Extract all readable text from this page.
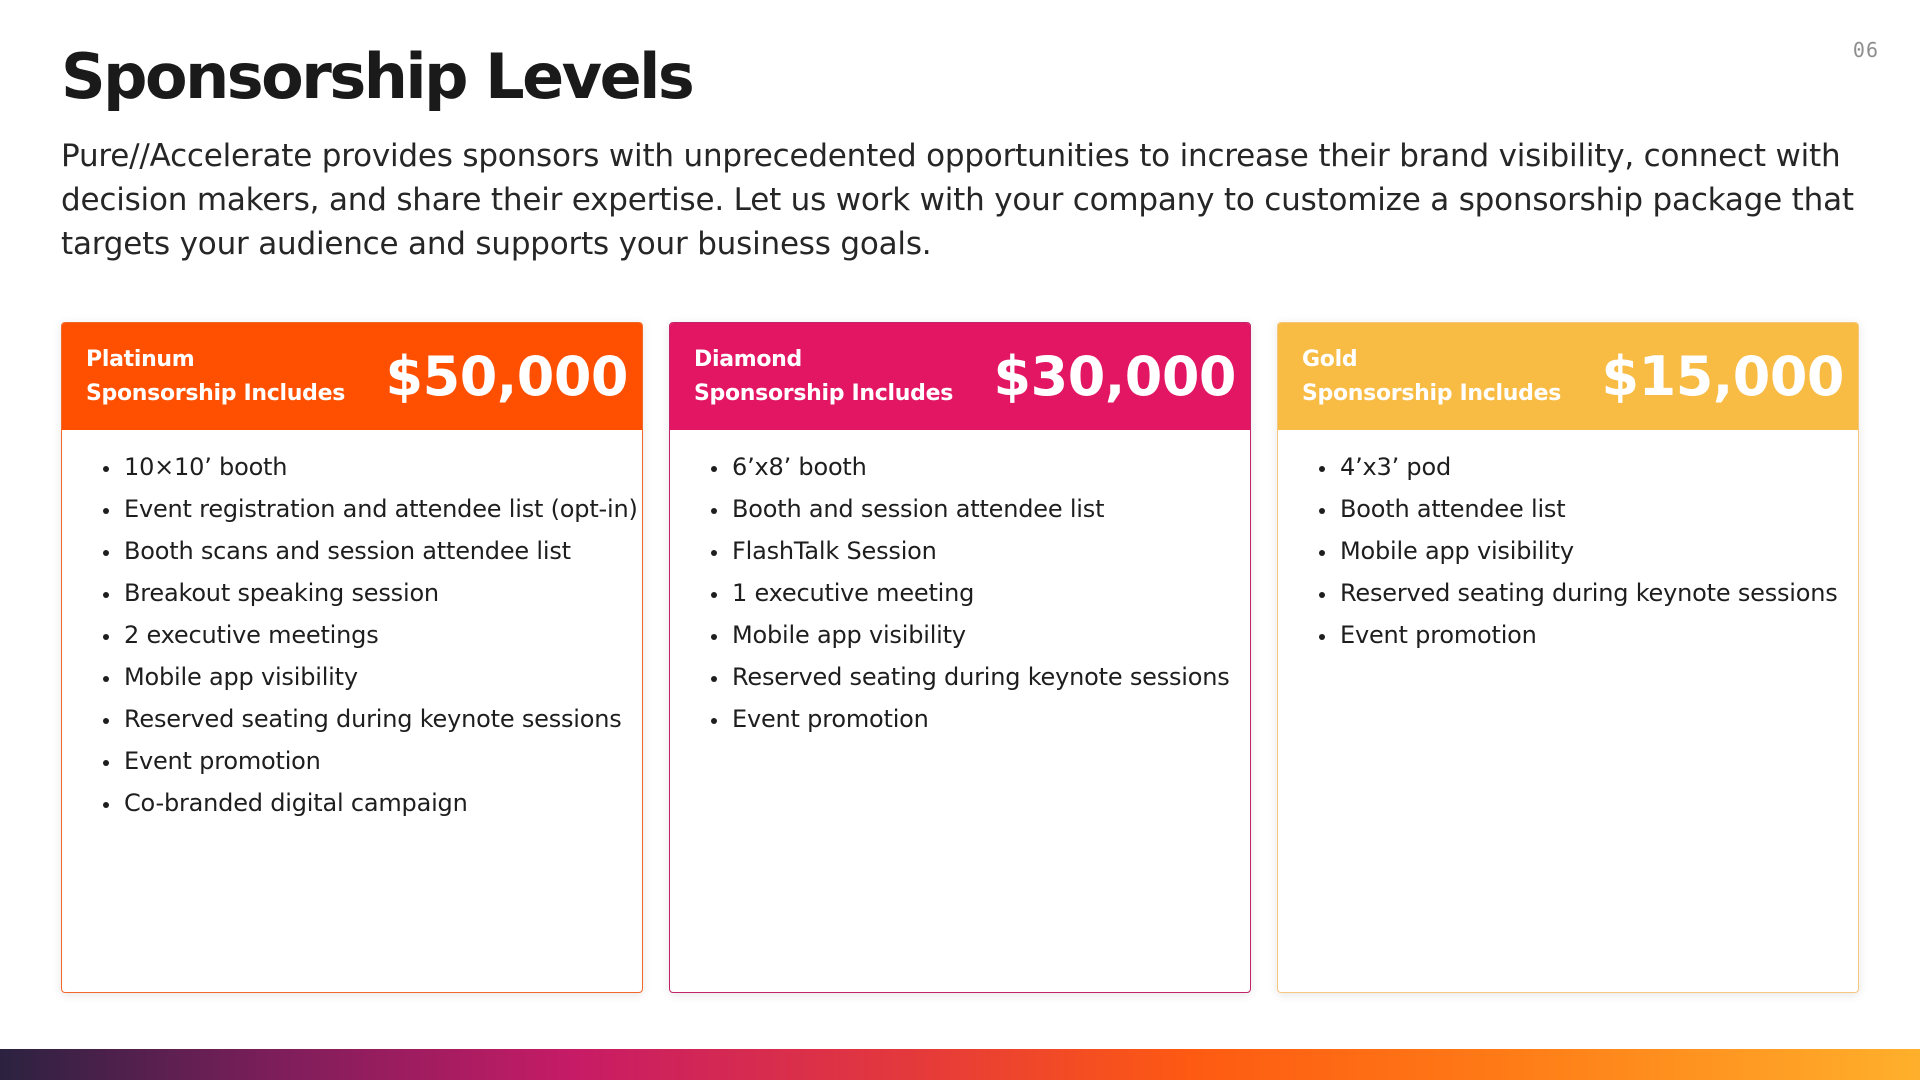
06
Sponsorship Levels

Pure//Accelerate provides sponsors with unprecedented opportunities to increase their brand visibility, connect with decision makers, and share their expertise. Let us work with your company to customize a sponsorship package that targets your audience and supports your business goals.

Platinum
Sponsorship Includes $50,000
• 10×10’ booth
• Event registration and attendee list (opt-in)
• Booth scans and session attendee list
• Breakout speaking session
• 2 executive meetings
• Mobile app visibility
• Reserved seating during keynote sessions
• Event promotion
• Co-branded digital campaign
Diamond
Sponsorship Includes $30,000
• 6’x8’ booth
• Booth and session attendee list
• FlashTalk Session
• 1 executive meeting
• Mobile app visibility
• Reserved seating during keynote sessions
• Event promotion
Gold
Sponsorship Includes $15,000
• 4’x3’ pod
• Booth attendee list
• Mobile app visibility
• Reserved seating during keynote sessions
• Event promotion
